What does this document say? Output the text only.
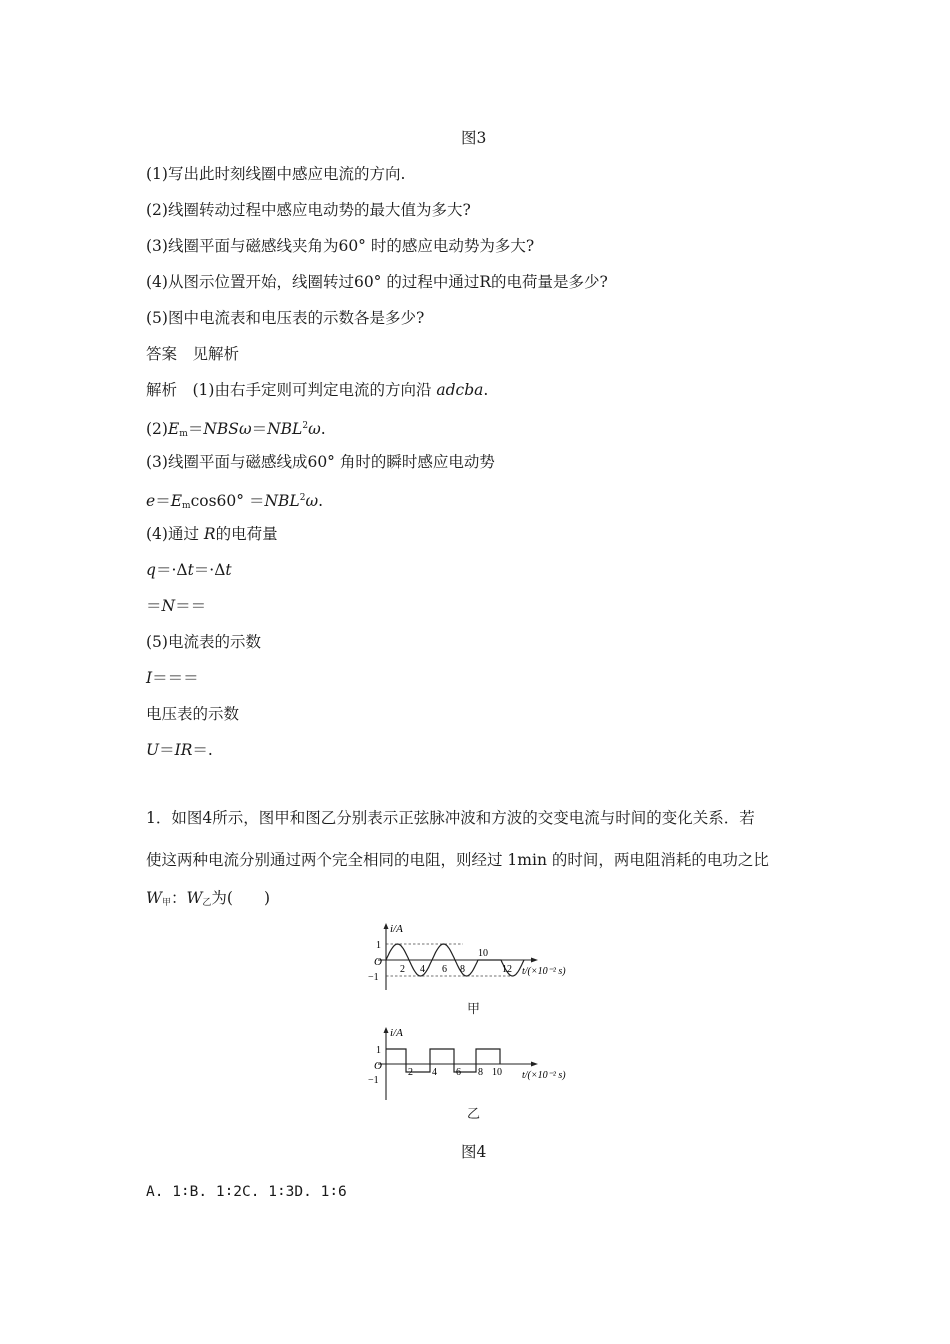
图3
(1)写出此时刻线圈中感应电流的方向.
(2)线圈转动过程中感应电动势的最大值为多大?
(3)线圈平面与磁感线夹角为60° 时的感应电动势为多大?
(4)从图示位置开始，线圈转过60° 的过程中通过R的电荷量是多少?
(5)图中电流表和电压表的示数各是多少?
答案　见解析
解析　(1)由右手定则可判定电流的方向沿 adcba.
$(2)E_m=NBS\omega=NBL^2\omega$.
(3)线圈平面与磁感线成60° 角时的瞬时感应电动势
$e=E_m\cos 60^\circ =NBL^2\omega$.
(4)通过 R的电荷量
q＝·Δt＝·Δt
＝N＝＝
(5)电流表的示数
I＝＝＝
电压表的示数
U＝IR＝.
1．如图4所示，图甲和图乙分别表示正弦脉冲波和方波的交变电流与时间的变化关系．若
使这两种电流分别通过两个完全相同的电阻，则经过 1min 的时间，两电阻消耗的电功之比
$W_甲$：$W_乙$为(　　)
i/A
1
O
−1
2 4 6 8
10
12 t/(×10⁻² s)
甲
i/A
1
O
−1
2 4 6 8 10 t/(×10⁻² s)
乙
图4
A. 1∶B. 1∶2C. 1∶3D. 1∶6
